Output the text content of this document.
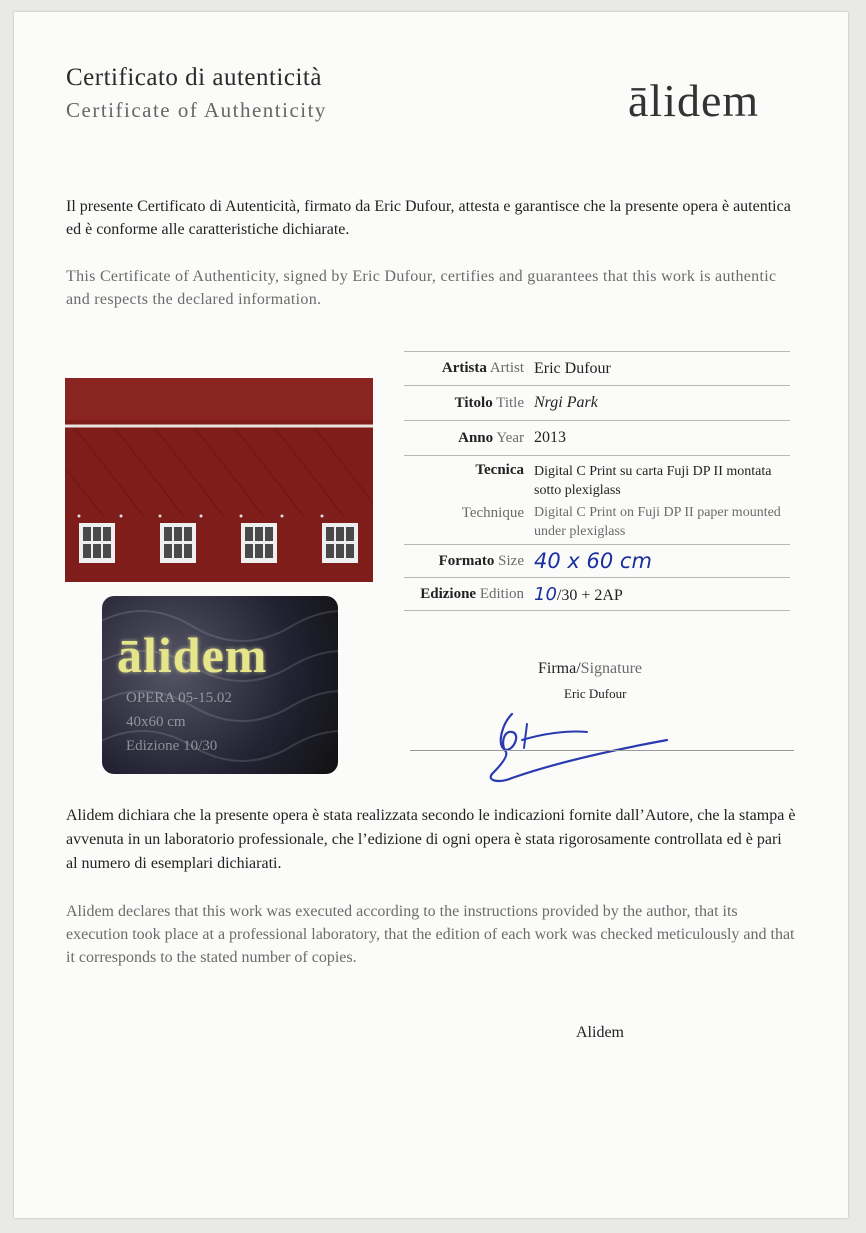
Certificato di autenticità
Certificate of Authenticity	ālidem
Il presente Certificato di Autenticità, firmato da Eric Dufour, attesta e garantisce che la presente opera è autentica ed è conforme alle caratteristiche dichiarate.
This Certificate of Authenticity, signed by Eric Dufour, certifies and guarantees that this work is authentic and respects the declared information.
ālidem
OPERA 05-15.02
40x60 cm
Edizione 10/30
Artista Artist Eric Dufour
Titolo Title Nrgi Park
Anno Year 2013
Tecnica
Technique
Digital C Print su carta Fuji DP II montata sotto plexiglass
Digital C Print on Fuji DP II paper mounted under plexiglass
Formato Size 40 x 60 cm
Edizione Edition 10/30 + 2AP
Firma/Signature
Eric Dufour
Alidem dichiara che la presente opera è stata realizzata secondo le indicazioni fornite dall’Autore, che la stampa è avvenuta in un laboratorio professionale, che l’edizione di ogni opera è stata rigorosamente controllata ed è pari al numero di esemplari dichiarati.
Alidem declares that this work was executed according to the instructions provided by the author, that its execution took place at a professional laboratory, that the edition of each work was checked meticulously and that it corresponds to the stated number of copies.
Alidem
